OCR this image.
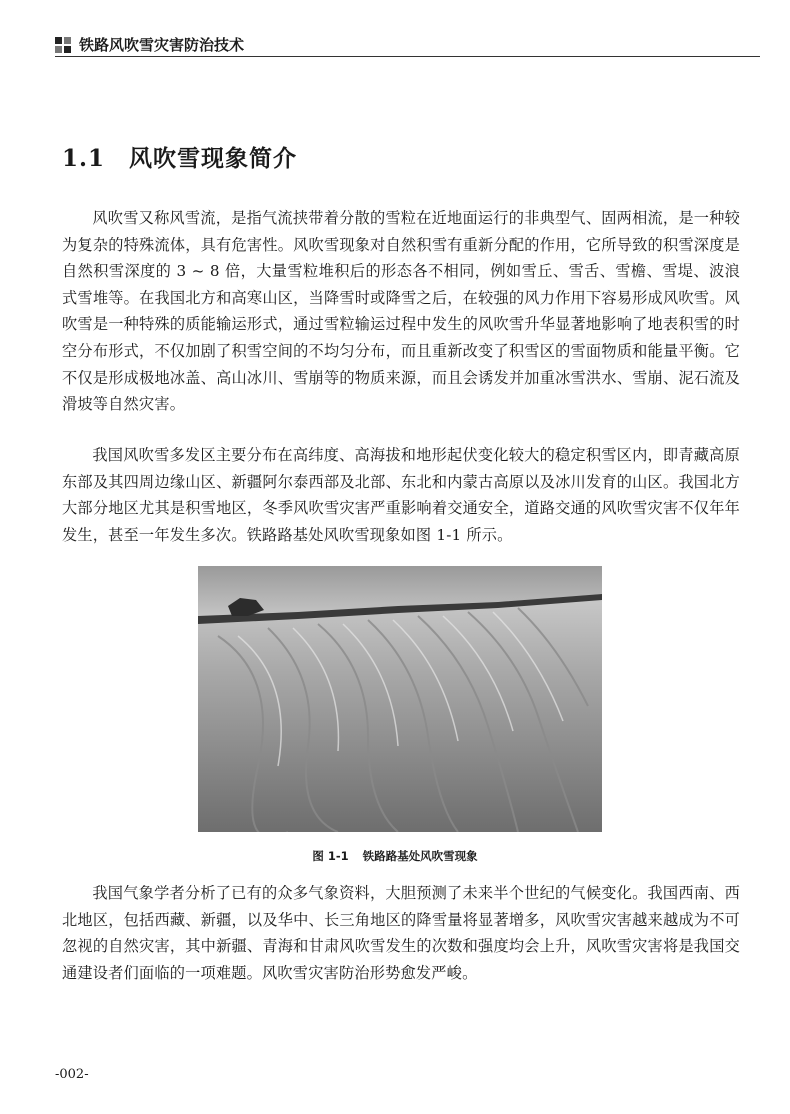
铁路风吹雪灾害防治技术
1.1 风吹雪现象简介

风吹雪又称风雪流，是指气流挟带着分散的雪粒在近地面运行的非典型气、固两相流，是一种较为复杂的特殊流体，具有危害性。风吹雪现象对自然积雪有重新分配的作用，它所导致的积雪深度是自然积雪深度的 3 ~ 8 倍，大量雪粒堆积后的形态各不相同，例如雪丘、雪舌、雪檐、雪堤、波浪式雪堆等。在我国北方和高寒山区，当降雪时或降雪之后，在较强的风力作用下容易形成风吹雪。风吹雪是一种特殊的质能输运形式，通过雪粒输运过程中发生的风吹雪升华显著地影响了地表积雪的时空分布形式，不仅加剧了积雪空间的不均匀分布，而且重新改变了积雪区的雪面物质和能量平衡。它不仅是形成极地冰盖、高山冰川、雪崩等的物质来源，而且会诱发并加重冰雪洪水、雪崩、泥石流及滑坡等自然灾害。

我国风吹雪多发区主要分布在高纬度、高海拔和地形起伏变化较大的稳定积雪区内，即青藏高原东部及其四周边缘山区、新疆阿尔泰西部及北部、东北和内蒙古高原以及冰川发育的山区。我国北方大部分地区尤其是积雪地区，冬季风吹雪灾害严重影响着交通安全，道路交通的风吹雪灾害不仅年年发生，甚至一年发生多次。铁路路基处风吹雪现象如图 1-1 所示。

图 1-1 铁路路基处风吹雪现象

我国气象学者分析了已有的众多气象资料，大胆预测了未来半个世纪的气候变化。我国西南、西北地区，包括西藏、新疆，以及华中、长三角地区的降雪量将显著增多，风吹雪灾害越来越成为不可忽视的自然灾害，其中新疆、青海和甘肃风吹雪发生的次数和强度均会上升，风吹雪灾害将是我国交通建设者们面临的一项难题。风吹雪灾害防治形势愈发严峻。

-002-
